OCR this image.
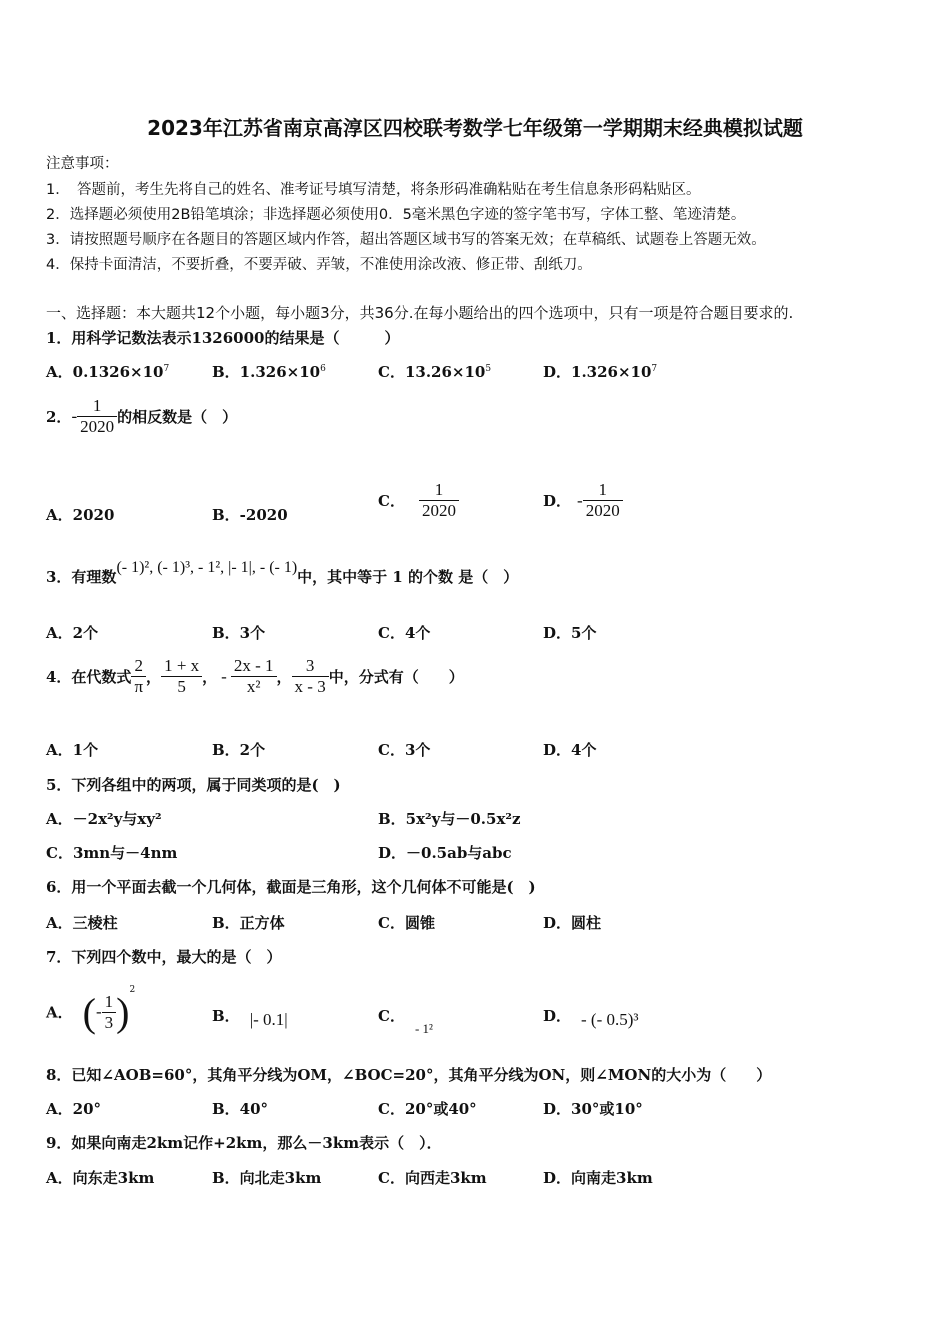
2023年江苏省南京高淳区四校联考数学七年级第一学期期末经典模拟试题
注意事项：
1．　答题前，考生先将自己的姓名、准考证号填写清楚，将条形码准确粘贴在考生信息条形码粘贴区。
2．选择题必须使用2B铅笔填涂；非选择题必须使用0．5毫米黑色字迹的签字笔书写，字体工整、笔迹清楚。
3．请按照题号顺序在各题目的答题区域内作答，超出答题区域书写的答案无效；在草稿纸、试题卷上答题无效。
4．保持卡面清洁，不要折叠，不要弄破、弄皱，不准使用涂改液、修正带、刮纸刀。
一、选择题：本大题共12个小题，每小题3分，共36分.在每小题给出的四个选项中，只有一项是符合题目要求的.
1．用科学记数法表示1326000的结果是（　　　）
A．$0.1326\times 10^7$	B．$1.326\times 10^6$	C．$13.26\times 10^5$	D．$1.326\times 10^7$
2．- $\frac{1}{2020}$ 的相反数是（　）
A．2020	B．-2020
C． $\frac{1}{2020}$	D． - $\frac{1}{2020}$
3．有理数(- 1)², (- 1)³, - 1², |- 1|, - (- 1)中，其中等于 1 的个数 是（　）
A．2个	B．3个	C．4个	D．5个
4．在代数式 $\frac{2}{\pi}$ ， $\frac{1 + x}{5}$ ， - $\frac{2x - 1}{\text{x²}}$ ， $\frac{3}{x - 3}$ 中，分式有（　　）
A．1个	B．2个	C．3个	D．4个
5．下列各组中的两项，属于同类项的是(　)
A．－2x²y与xy²	B．5x²y与－0.5x²z
C．3mn与－4nm	D．－0.5ab与abc
6．用一个平面去截一个几何体，截面是三角形，这个几何体不可能是(　)
A．三棱柱	B．正方体	C．圆锥	D．圆柱
7．下列四个数中，最大的是（　）
A． (- $\frac{1}{3} )^2$
B． |- 0.1|	C．- 1²
D． - (- 0.5)³
8．已知∠AOB=60°，其角平分线为OM，∠BOC=20°，其角平分线为ON，则∠MON的大小为（　　）
A．20°	B．40°	C．20°或40°	D．30°或10°
9．如果向南走2km记作+2km，那么－3km表示（　）．
A．向东走3km	B．向北走3km	C．向西走3km	D．向南走3km
